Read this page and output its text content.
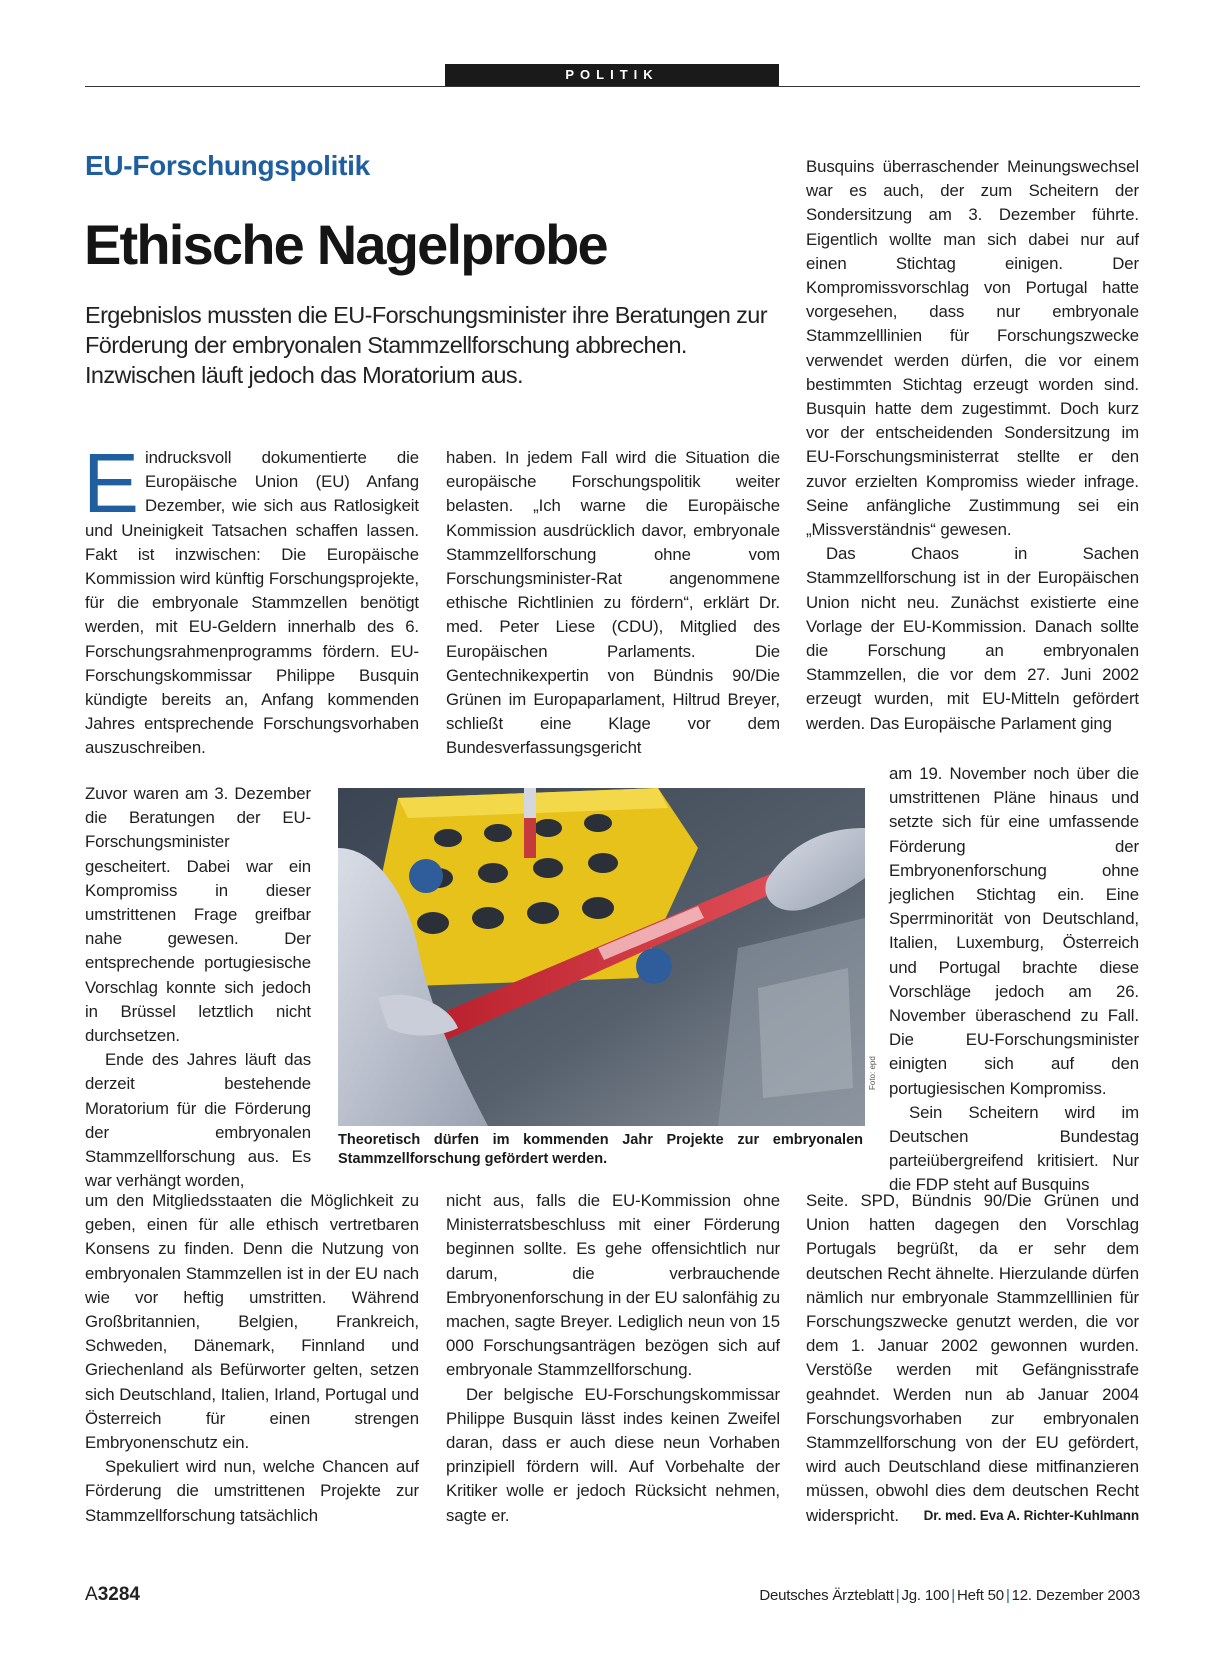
POLITIK
EU-Forschungspolitik
Ethische Nagelprobe
Ergebnislos mussten die EU-Forschungsminister ihre Beratungen zur Förderung der embryonalen Stammzellforschung abbrechen. Inzwischen läuft jedoch das Moratorium aus.
E indrucksvoll dokumentierte die Europäische Union (EU) Anfang Dezember, wie sich aus Ratlosigkeit und Uneinigkeit Tatsachen schaffen lassen. Fakt ist inzwischen: Die Europäische Kommission wird künftig Forschungsprojekte, für die embryonale Stammzellen benötigt werden, mit EU-Geldern innerhalb des 6. Forschungsrahmenprogramms fördern. EU-Forschungskommissar Philippe Busquin kündigte bereits an, Anfang kommenden Jahres entsprechende Forschungsvorhaben auszuschreiben.

Zuvor waren am 3. Dezember die Beratungen der EU-Forschungsminister gescheitert. Dabei war ein Kompromiss in dieser umstrittenen Frage greifbar nahe gewesen. Der entsprechende portugiesische Vorschlag konnte sich jedoch in Brüssel letztlich nicht durchsetzen.

Ende des Jahres läuft das derzeit bestehende Moratorium für die Förderung der embryonalen Stammzellforschung aus. Es war verhängt worden,

um den Mitgliedsstaaten die Möglichkeit zu geben, einen für alle ethisch vertretbaren Konsens zu finden. Denn die Nutzung von embryonalen Stammzellen ist in der EU nach wie vor heftig umstritten. Während Großbritannien, Belgien, Frankreich, Schweden, Dänemark, Finnland und Griechenland als Befürworter gelten, setzen sich Deutschland, Italien, Irland, Portugal und Österreich für einen strengen Embryonenschutz ein.

Spekuliert wird nun, welche Chancen auf Förderung die umstrittenen Projekte zur Stammzellforschung tatsächlich

haben. In jedem Fall wird die Situation die europäische Forschungspolitik weiter belasten. „Ich warne die Europäische Kommission ausdrücklich davor, embryonale Stammzellforschung ohne vom Forschungsminister-Rat angenommene ethische Richtlinien zu fördern“, erklärt Dr. med. Peter Liese (CDU), Mitglied des Europäischen Parlaments. Die Gentechnikexpertin von Bündnis 90/Die Grünen im Europaparlament, Hiltrud Breyer, schließt eine Klage vor dem Bundesverfassungsgericht

nicht aus, falls die EU-Kommission ohne Ministerratsbeschluss mit einer Förderung beginnen sollte. Es gehe offensichtlich nur darum, die verbrauchende Embryonenforschung in der EU salonfähig zu machen, sagte Breyer. Lediglich neun von 15 000 Forschungsanträgen bezögen sich auf embryonale Stammzellforschung.

Der belgische EU-Forschungskommissar Philippe Busquin lässt indes keinen Zweifel daran, dass er auch diese neun Vorhaben prinzipiell fördern will. Auf Vorbehalte der Kritiker wolle er jedoch Rücksicht nehmen, sagte er.

Busquins überraschender Meinungswechsel war es auch, der zum Scheitern der Sondersitzung am 3. Dezember führte. Eigentlich wollte man sich dabei nur auf einen Stichtag einigen. Der Kompromissvorschlag von Portugal hatte vorgesehen, dass nur embryonale Stammzelllinien für Forschungszwecke verwendet werden dürfen, die vor einem bestimmten Stichtag erzeugt worden sind. Busquin hatte dem zugestimmt. Doch kurz vor der entscheidenden Sondersitzung im EU-Forschungsministerrat stellte er den zuvor erzielten Kompromiss wieder infrage. Seine anfängliche Zustimmung sei ein „Missverständnis“ gewesen.

Das Chaos in Sachen Stammzellforschung ist in der Europäischen Union nicht neu. Zunächst existierte eine Vorlage der EU-Kommission. Danach sollte die Forschung an embryonalen Stammzellen, die vor dem 27. Juni 2002 erzeugt wurden, mit EU-Mitteln gefördert werden. Das Europäische Parlament ging

am 19. November noch über die umstrittenen Pläne hinaus und setzte sich für eine umfassende Förderung der Embryonenforschung ohne jeglichen Stichtag ein. Eine Sperrminorität von Deutschland, Italien, Luxemburg, Österreich und Portugal brachte diese Vorschläge jedoch am 26. November überaschend zu Fall. Die EU-Forschungsminister einigten sich auf den portugiesischen Kompromiss.

Sein Scheitern wird im Deutschen Bundestag parteiübergreifend kritisiert. Nur die FDP steht auf Busquins

Seite. SPD, Bündnis 90/Die Grünen und Union hatten dagegen den Vorschlag Portugals begrüßt, da er sehr dem deutschen Recht ähnelte. Hierzulande dürfen nämlich nur embryonale Stammzelllinien für Forschungszwecke genutzt werden, die vor dem 1. Januar 2002 gewonnen wurden. Verstöße werden mit Gefängnisstrafe geahndet. Werden nun ab Januar 2004 Forschungsvorhaben zur embryonalen Stammzellforschung von der EU gefördert, wird auch Deutschland diese mitfinanzieren müssen, obwohl dies dem deutschen Recht widerspricht. Dr. med. Eva A. Richter-Kuhlmann

Foto: epd
Theoretisch dürfen im kommenden Jahr Projekte zur embryonalen Stammzellforschung gefördert werden.
A3284	Deutsches Ärzteblatt | Jg. 100 | Heft 50 | 12. Dezember 2003
